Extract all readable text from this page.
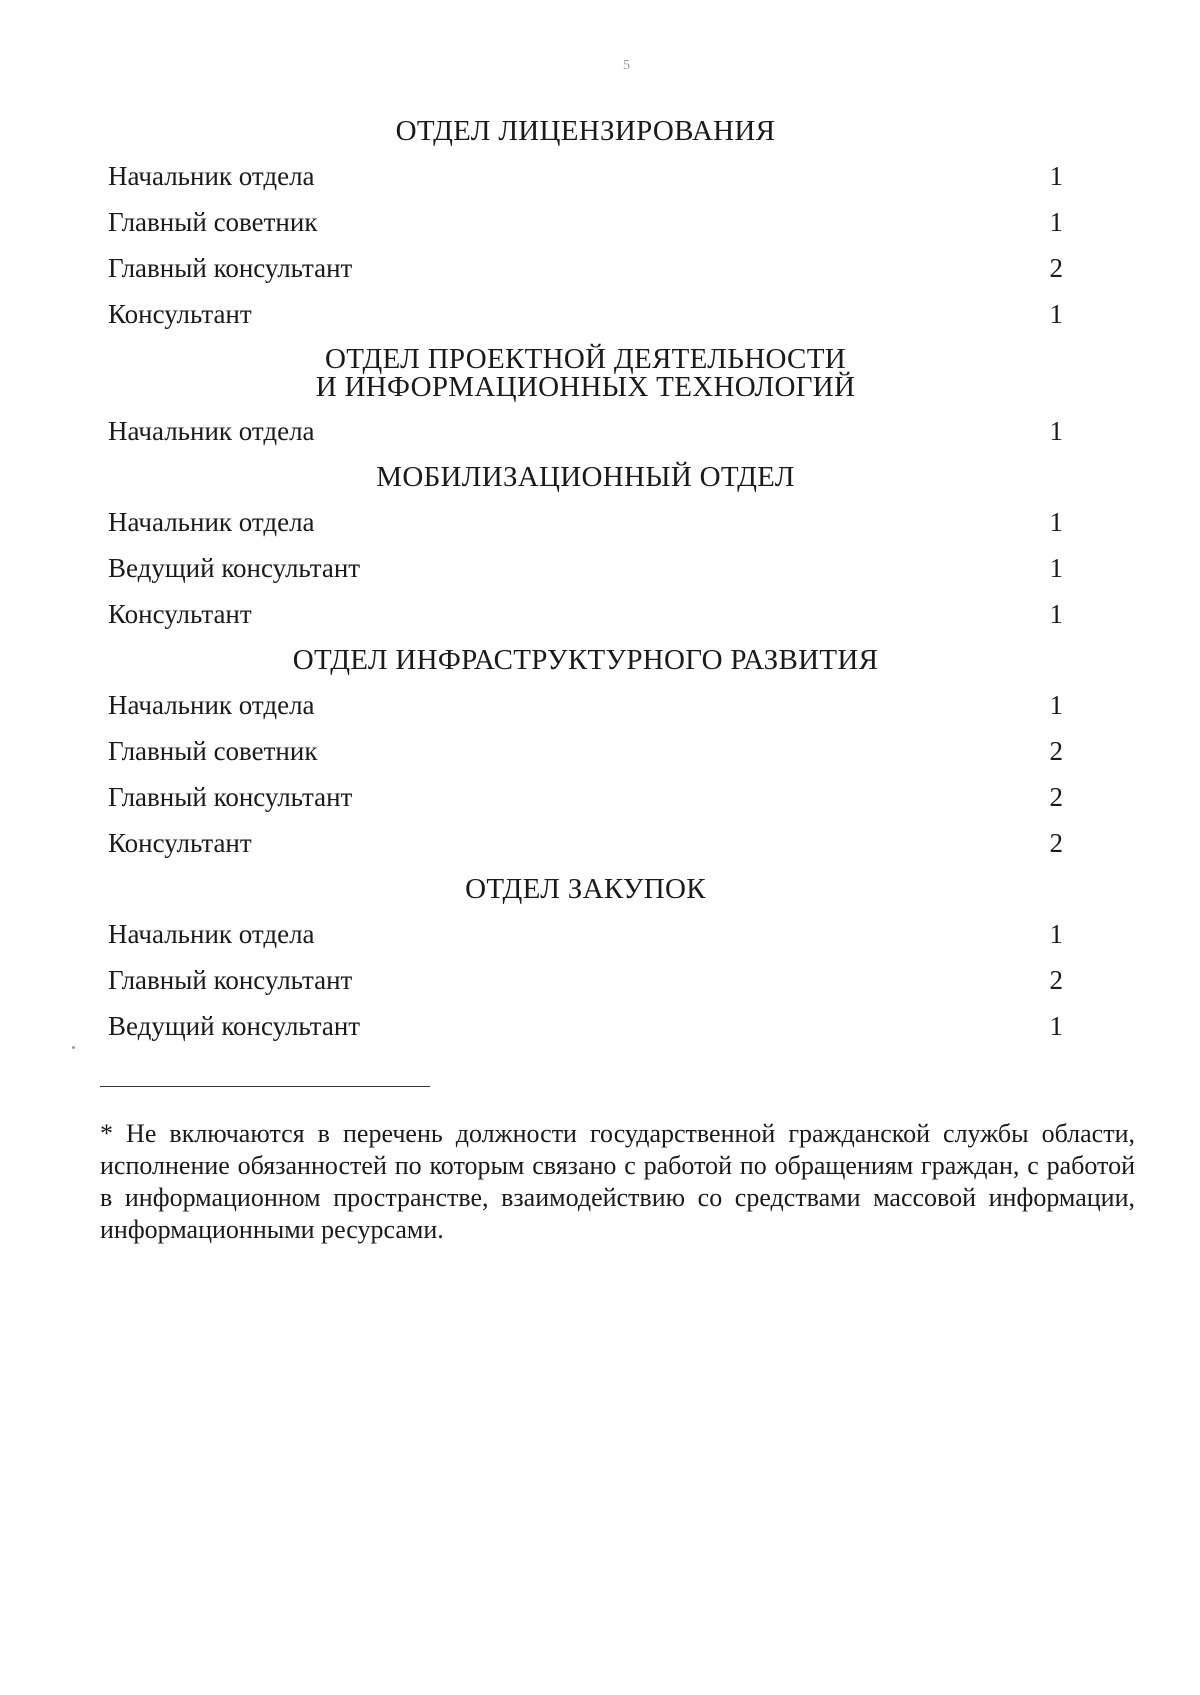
5
ОТДЕЛ ЛИЦЕНЗИРОВАНИЯ
Начальник отдела	1
Главный советник	1
Главный консультант	2
Консультант	1
ОТДЕЛ ПРОЕКТНОЙ ДЕЯТЕЛЬНОСТИ
И ИНФОРМАЦИОННЫХ ТЕХНОЛОГИЙ
Начальник отдела	1
МОБИЛИЗАЦИОННЫЙ ОТДЕЛ
Начальник отдела	1
Ведущий консультант	1
Консультант	1
ОТДЕЛ ИНФРАСТРУКТУРНОГО РАЗВИТИЯ
Начальник отдела	1
Главный советник	2
Главный консультант	2
Консультант	2
ОТДЕЛ ЗАКУПОК
Начальник отдела	1
Главный консультант	2
Ведущий консультант	1

* Не включаются в перечень должности государственной гражданской службы области, исполнение обязанностей по которым связано с работой по обращениям граждан, с работой в информационном пространстве, взаимодействию со средствами массовой информации, информационными ресурсами.
